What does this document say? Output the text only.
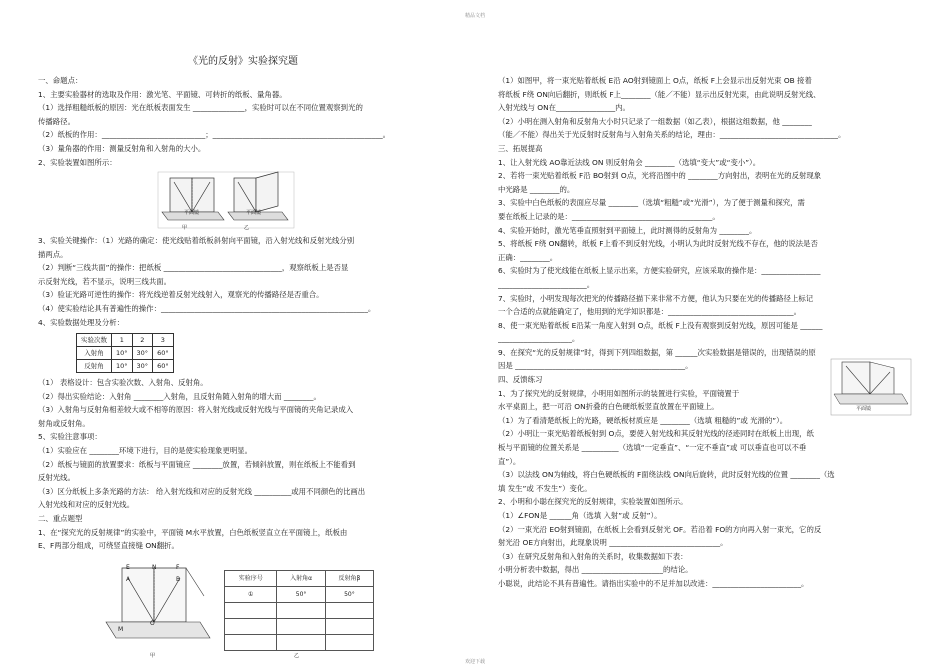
精品文档
《光的反射》实验探究题
一、命题点：
1、主要实验器材的选取及作用：激光笔、平面镜、可转折的纸板、量角器。
（1）选择粗糙纸板的原因：光在纸板表面发生 ______________，实验时可以在不同位置观察到光的
传播路径。
（2）纸板的作用：____________________________；______________________________________________。
（3）量角器的作用：测量反射角和入射角的大小。
2、实验装置如图所示：
平面镜	平面镜
甲	乙
3、实验关键操作：（1）光路的确定：使光线贴着纸板斜射向平面镜，沿入射光线和反射光线分别
描两点。
（2）判断“三线共面”的操作：把纸板 ________________________________，观察纸板上是否显
示反射光线，若不显示，说明三线共面。
（3）验证光路可逆性的操作：将光线逆着反射光线射入，观察光的传播路径是否重合。
（4）使实验结论具有普遍性的操作：________________________________________________________。
4、实验数据处理及分析：
实验次数	1	2	3
入射角	10°	30°	60°
反射角	10°	30°	60°
（1） 表格设计：包含实验次数、入射角、反射角。
（2）得出实验结论：入射角 ________入射角，且反射角随入射角的增大而 ________。
（3）入射角与反射角相差较大或不相等的原因：将入射光线或反射光线与平面镜的夹角记录成入
射角或反射角。
5、实验注意事项：
（1）实验应在 ________环境下进行，目的是使实验现象更明显。
（2）纸板与镜面的放置要求：纸板与平面镜应 ________放置，若倾斜放置，则在纸板上不能看到
反射光线。
（3）区分纸板上多条光路的方法： 给入射光线和对应的反射光线 __________或用不同颜色的比画出
入射光线和对应的反射光线。
二、重点题型
1、在“探究光的反射规律”的实验中，平面镜 M水平放置，白色纸板竖直立在平面镜上，纸板由
E、F两部分组成，可绕竖直接缝 ON翻折。
E	N	F
A	B
O
M
甲
实验序号	入射角α	反射角β
①	50°	50°

乙
（1）如图甲，将一束光贴着纸板 E沿 AO射到镜面上 O点，纸板 F上会显示出反射光束 OB 接着
将纸板 F绕 ON向后翻折，则纸板 F上________（能／不能）显示出反射光束，由此说明反射光线、
入射光线与 ON在________________内。
（2）小明在测入射角和反射角大小时只记录了一组数据（如乙表），根据这组数据，他 ________
（能／不能）得出关于光反射时反射角与入射角关系的结论，理由：________________________________。
三、拓展提高
1、让入射光线 AO靠近法线 ON 则反射角会 ________（选填“变大”或“变小”）。
2、若将一束光贴着纸板 F沿 BO射到 O点，光将沿图中的 ________方向射出，表明在光的反射现象
中光路是 ________的。
3、实验中白色纸板的表面应尽量 ________（选填“粗糙”或“光滑”），为了便于测量和探究，需
要在纸板上记录的是：______________________________________。
4、实验开始时，激光笔垂直照射到平面镜上，此时测得的反射角为 ________。
5、将纸板 F绕 ON翻转，纸板 F上看不到反射光线，小明认为此时反射光线不存在，他的说法是否
正确：________。
6、实验时为了使光线能在纸板上显示出来，方便实验研究，应该采取的操作是：________________
________________________。
7、实验时，小明发现每次把光的传播路径描下来非常不方便，他认为只要在光的传播路径上标记
一个合适的点就能确定了，他用到的光学知识都是：__________________________________。
8、使一束光贴着纸板 E沿某一角度入射到 O点，纸板 F上没有观察到反射光线，原因可能是 ______
____________________。
9、在探究“光的反射规律”时，得到下列四组数据，第 ______次实验数据是错误的，出现错误的原
因是 ______________________________________________。
四、反馈练习
1、为了探究光的反射规律，小明用如图所示的装置进行实验，平面镜置于
水平桌面上，把一可沿 ON折叠的白色硬纸板竖直放置在平面镜上。
（1）为了看清楚纸板上的光路，硬纸板材质应是 ________（选填 粗糙的”或 光滑的”）。
（2）小明让一束光贴着纸板射到 O点，要使入射光线和其反射光线的径迹同时在纸板上出现，纸
板与平面镜的位置关系是 __________（选填“一定垂直”、“一定不垂直”或 可以垂直也可以不垂
直”）。
（3）以法线 ON为轴线，将白色硬纸板的 F面绕法线 ON向后旋转，此时反射光线的位置 ________（选
填 发生”或 不发生”）变化。
2、小明和小聪在探究光的反射规律，实验装置如图所示。
（1）∠FON是 ______角（选填 入射”或 反射”）。
（2）一束光沿 EO射到镜面，在纸板上会看到反射光 OF。若沿着 FO的方向再入射一束光，它的反
射光沿 OE方向射出，此现象说明 ______________________________。
（3）在研究反射角和入射角的关系时，收集数据如下表：
小明分析表中数据，得出 ______________________的结论。
小聪说，此结论不具有普遍性。请指出实验中的不足并加以改进：________________________。
平面镜
欢迎下载
